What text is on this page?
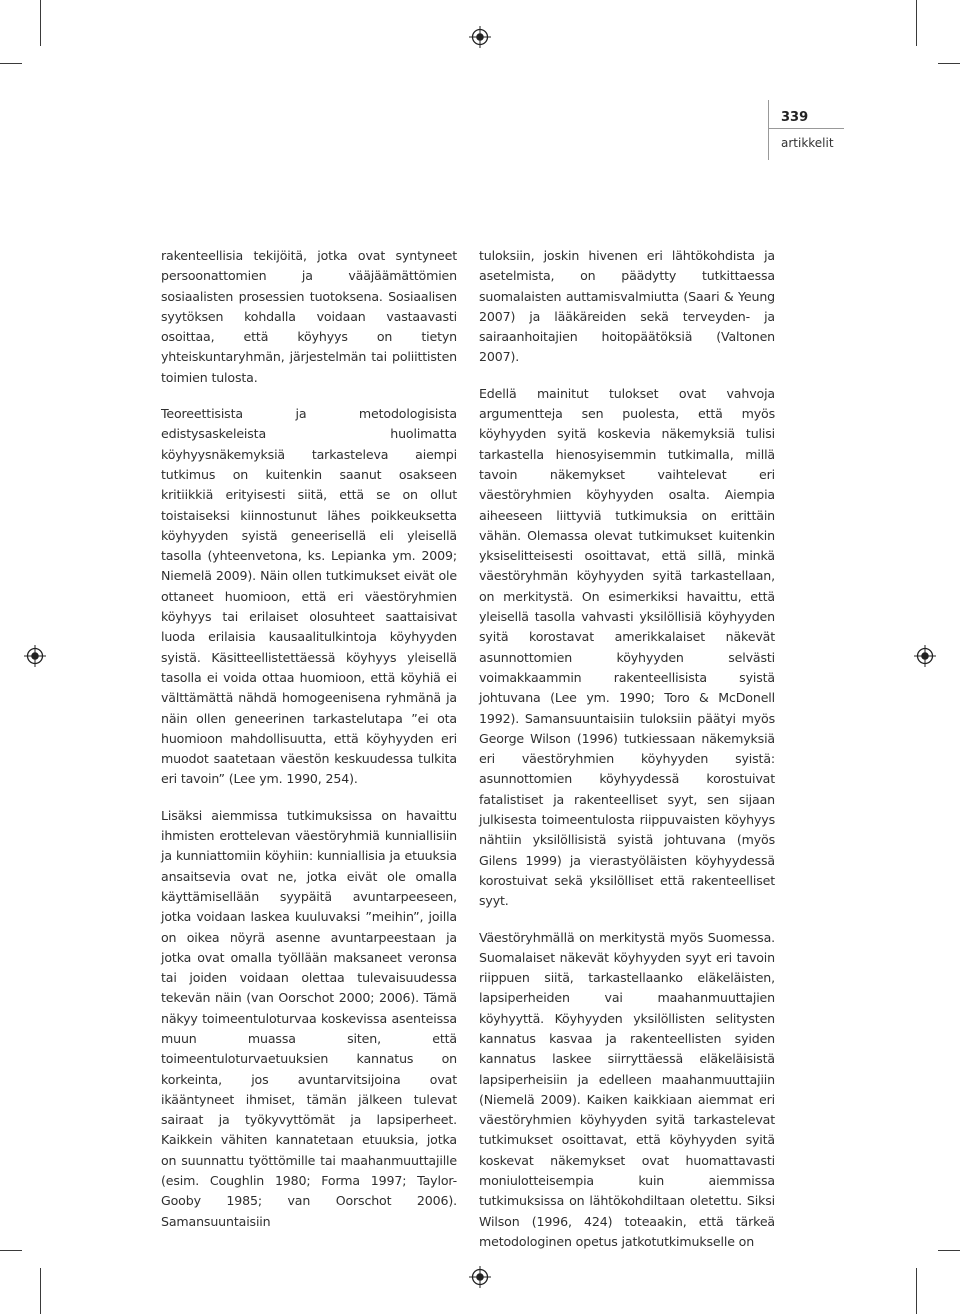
339
artikkelit

rakenteellisia tekijöitä, jotka ovat syntyneet persoonattomien ja vääjäämättömien sosiaalisten prosessien tuotoksena. Sosiaalisen syytöksen kohdalla voidaan vastaavasti osoittaa, että köyhyys on tietyn yhteiskuntaryhmän, järjestelmän tai poliittisten toimien tulosta.

Teoreettisista ja metodologisista edistysaskeleista huolimatta köyhyysnäkemyksiä tarkasteleva aiempi tutkimus on kuitenkin saanut osakseen kritiikkiä erityisesti siitä, että se on ollut toistaiseksi kiinnostunut lähes poikkeuksetta köyhyyden syistä geneerisellä eli yleisellä tasolla (yhteenvetona, ks. Lepianka ym. 2009; Niemelä 2009). Näin ollen tutkimukset eivät ole ottaneet huomioon, että eri väestöryhmien köyhyys tai erilaiset olosuhteet saattaisivat luoda erilaisia kausaalitulkintoja köyhyyden syistä. Käsitteellistettäessä köyhyys yleisellä tasolla ei voida ottaa huomioon, että köyhiä ei välttämättä nähdä homogeenisena ryhmänä ja näin ollen geneerinen tarkastelutapa ”ei ota huomioon mahdollisuutta, että köyhyyden eri muodot saatetaan väestön keskuudessa tulkita eri tavoin” (Lee ym. 1990, 254).

Lisäksi aiemmissa tutkimuksissa on havaittu ihmisten erottelevan väestöryhmiä kunniallisiin ja kunniattomiin köyhiin: kunniallisia ja etuuksia ansaitsevia ovat ne, jotka eivät ole omalla käyttämisellään syypäitä avuntarpeeseen, jotka voidaan laskea kuuluvaksi ”meihin”, joilla on oikea nöyrä asenne avuntarpeestaan ja jotka ovat omalla työllään maksaneet veronsa tai joiden voidaan olettaa tulevaisuudessa tekevän näin (van Oorschot 2000; 2006). Tämä näkyy toimeentuloturvaa koskevissa asenteissa muun muassa siten, että toimeentuloturvaetuuksien kannatus on korkeinta, jos avuntarvitsijoina ovat ikääntyneet ihmiset, tämän jälkeen tulevat sairaat ja työkyvyttömät ja lapsiperheet. Kaikkein vähiten kannatetaan etuuksia, jotka on suunnattu työttömille tai maahanmuuttajille (esim. Coughlin 1980; Forma 1997; Taylor-Gooby 1985; van Oorschot 2006). Samansuuntaisiin

tuloksiin, joskin hivenen eri lähtökohdista ja asetelmista, on päädytty tutkittaessa suomalaisten auttamisvalmiutta (Saari & Yeung 2007) ja lääkäreiden sekä terveyden- ja sairaanhoitajien hoitopäätöksiä (Valtonen 2007).

Edellä mainitut tulokset ovat vahvoja argumentteja sen puolesta, että myös köyhyyden syitä koskevia näkemyksiä tulisi tarkastella hienosyisemmin tutkimalla, millä tavoin näkemykset vaihtelevat eri väestöryhmien köyhyyden osalta. Aiempia aiheeseen liittyviä tutkimuksia on erittäin vähän. Olemassa olevat tutkimukset kuitenkin yksiselitteisesti osoittavat, että sillä, minkä väestöryhmän köyhyyden syitä tarkastellaan, on merkitystä. On esimerkiksi havaittu, että yleisellä tasolla vahvasti yksilöllisiä köyhyyden syitä korostavat amerikkalaiset näkevät asunnottomien köyhyyden selvästi voimakkaammin rakenteellisista syistä johtuvana (Lee ym. 1990; Toro & McDonell 1992). Samansuuntaisiin tuloksiin päätyi myös George Wilson (1996) tutkiessaan näkemyksiä eri väestöryhmien köyhyyden syistä: asunnottomien köyhyydessä korostuivat fatalistiset ja rakenteelliset syyt, sen sijaan julkisesta toimeentulosta riippuvaisten köyhyys nähtiin yksilöllisistä syistä johtuvana (myös Gilens 1999) ja vierastyöläisten köyhyydessä korostuivat sekä yksilölliset että rakenteelliset syyt.

Väestöryhmällä on merkitystä myös Suomessa. Suomalaiset näkevät köyhyyden syyt eri tavoin riippuen siitä, tarkastellaanko eläkeläisten, lapsiperheiden vai maahanmuuttajien köyhyyttä. Köyhyyden yksilöllisten selitysten kannatus kasvaa ja rakenteellisten syiden kannatus laskee siirryttäessä eläkeläisistä lapsiperheisiin ja edelleen maahanmuuttajiin (Niemelä 2009). Kaiken kaikkiaan aiemmat eri väestöryhmien köyhyyden syitä tarkastelevat tutkimukset osoittavat, että köyhyyden syitä koskevat näkemykset ovat huomattavasti moniulotteisempia kuin aiemmissa tutkimuksissa on lähtökohdiltaan oletettu. Siksi Wilson (1996, 424) toteaakin, että tärkeä metodologinen opetus jatkotutkimukselle on
